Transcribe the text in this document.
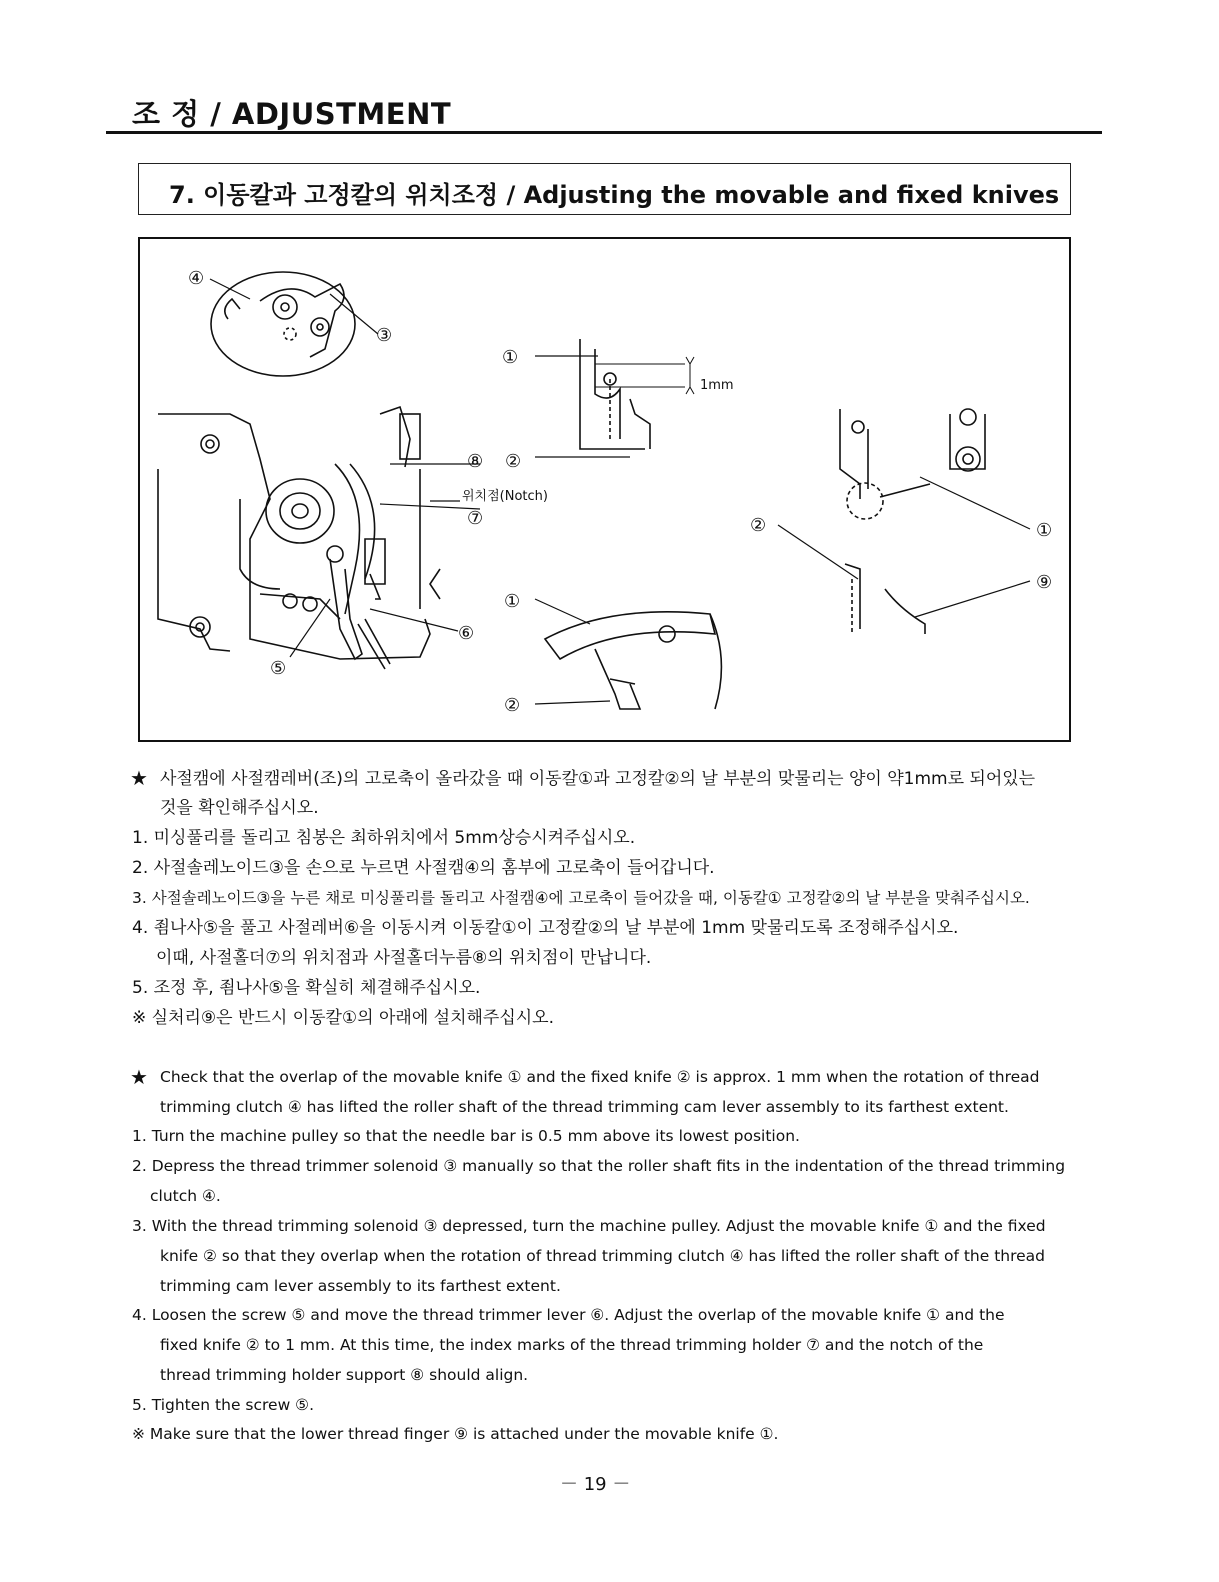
조 정 / ADJUSTMENT
7. 이동칼과 고정칼의 위치조정 / Adjusting the movable and fixed knives
④
③
①
⑧ ②
⑦
⑥
⑤
①
②
②	①
⑨
위치점(Notch)
1mm
★ 사절캠에 사절캠레버(조)의 고로축이 올라갔을 때 이동칼①과 고정칼②의 날 부분의 맞물리는 양이 약1mm로 되어있는
것을 확인해주십시오.
1. 미싱풀리를 돌리고 침봉은 최하위치에서 5mm상승시켜주십시오.
2. 사절솔레노이드③을 손으로 누르면 사절캠④의 홈부에 고로축이 들어갑니다.
3. 사절솔레노이드③을 누른 채로 미싱풀리를 돌리고 사절캠④에 고로축이 들어갔을 때, 이동칼① 고정칼②의 날 부분을 맞춰주십시오.
4. 죔나사⑤을 풀고 사절레버⑥을 이동시켜 이동칼①이 고정칼②의 날 부분에 1mm 맞물리도록 조정해주십시오.
이때, 사절홀더⑦의 위치점과 사절홀더누름⑧의 위치점이 만납니다.
5. 조정 후, 죔나사⑤을 확실히 체결해주십시오.
※ 실처리⑨은 반드시 이동칼①의 아래에 설치해주십시오.
★ Check that the overlap of the movable knife ① and the fixed knife ② is approx. 1 mm when the rotation of thread
trimming clutch ④ has lifted the roller shaft of the thread trimming cam lever assembly to its farthest extent.
1. Turn the machine pulley so that the needle bar is 0.5 mm above its lowest position.
2. Depress the thread trimmer solenoid ③ manually so that the roller shaft fits in the indentation of the thread trimming
clutch ④.
3. With the thread trimming solenoid ③ depressed, turn the machine pulley. Adjust the movable knife ① and the fixed
knife ② so that they overlap when the rotation of thread trimming clutch ④ has lifted the roller shaft of the thread
trimming cam lever assembly to its farthest extent.
4. Loosen the screw ⑤ and move the thread trimmer lever ⑥. Adjust the overlap of the movable knife ① and the
fixed knife ② to 1 mm. At this time, the index marks of the thread trimming holder ⑦ and the notch of the
thread trimming holder support ⑧ should align.
5. Tighten the screw ⑤.
※ Make sure that the lower thread finger ⑨ is attached under the movable knife ①.
－ 19 －
